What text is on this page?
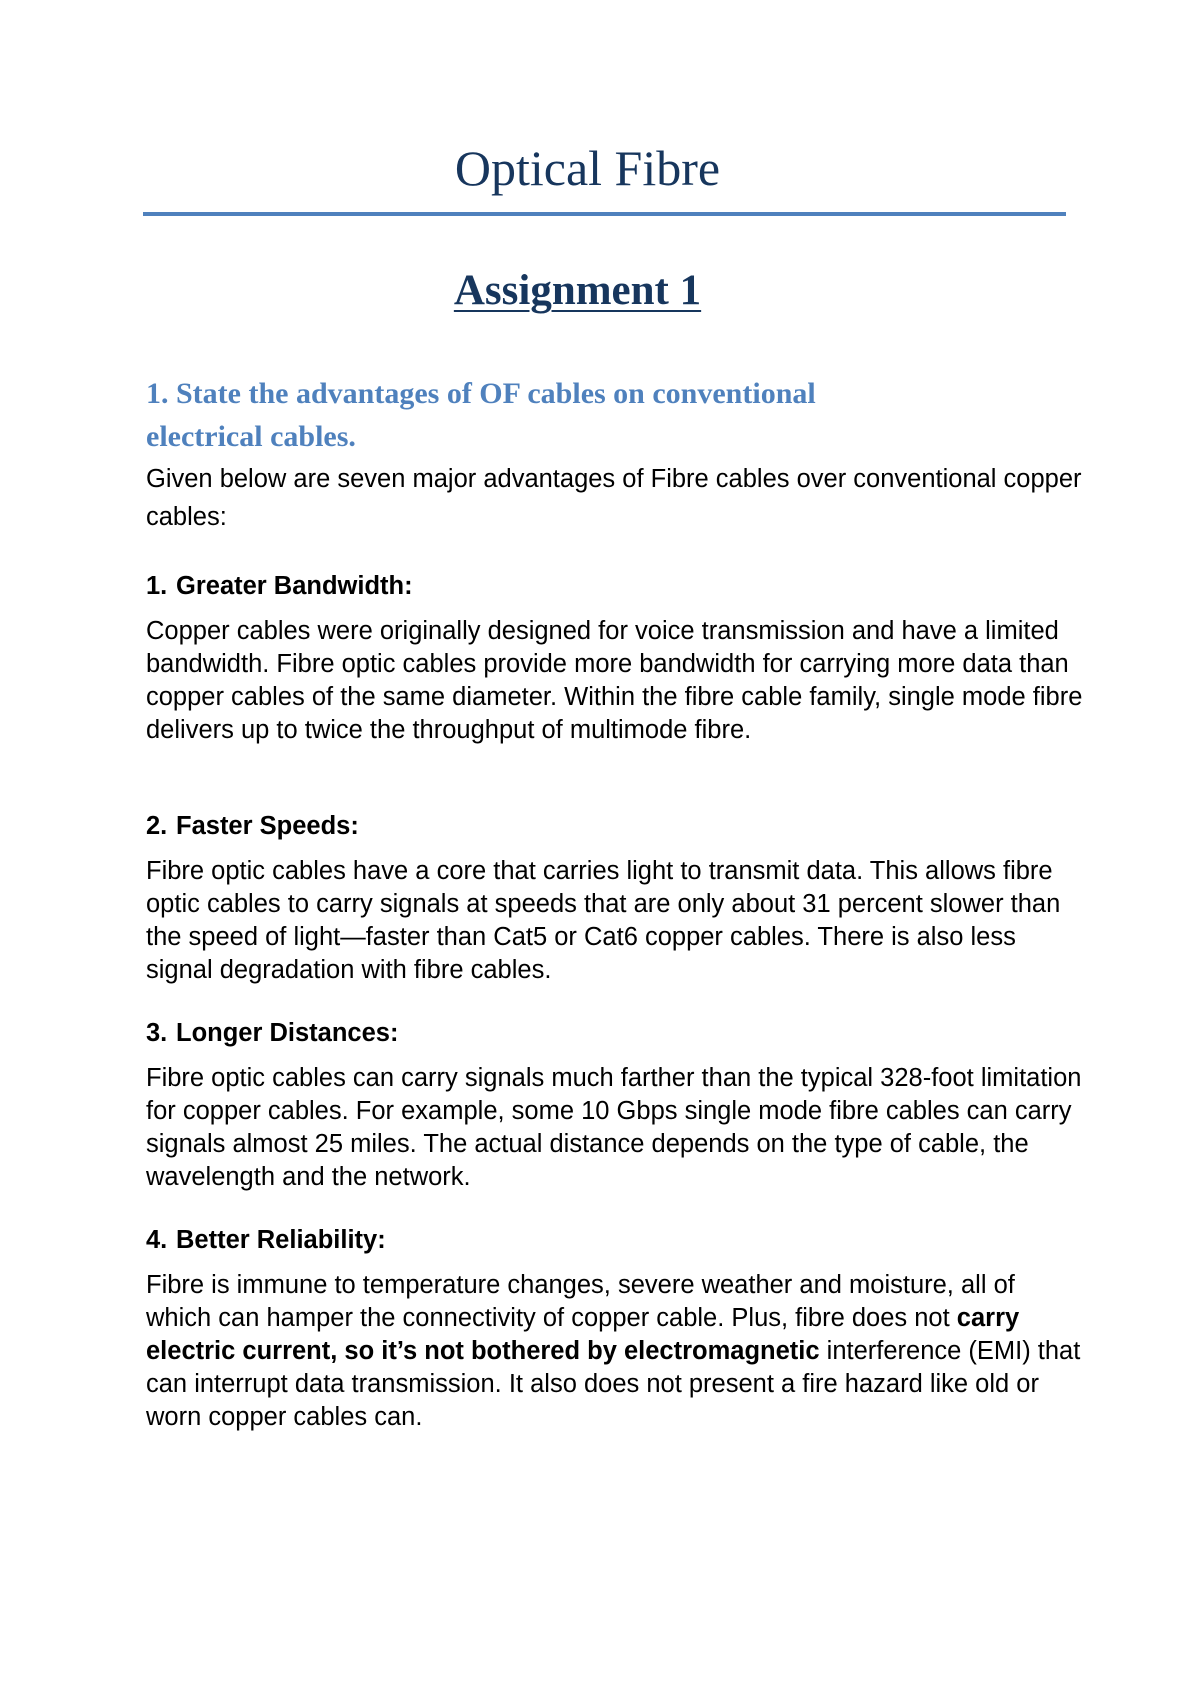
Optical Fibre
Assignment 1

1. State the advantages of OF cables on conventional electrical cables.

Given below are seven major advantages of Fibre cables over conventional copper cables:

1. Greater Bandwidth:

Copper cables were originally designed for voice transmission and have a limited bandwidth. Fibre optic cables provide more bandwidth for carrying more data than copper cables of the same diameter. Within the fibre cable family, single mode fibre delivers up to twice the throughput of multimode fibre.

2. Faster Speeds:

Fibre optic cables have a core that carries light to transmit data. This allows fibre optic cables to carry signals at speeds that are only about 31 percent slower than the speed of light—faster than Cat5 or Cat6 copper cables. There is also less signal degradation with fibre cables.

3. Longer Distances:

Fibre optic cables can carry signals much farther than the typical 328-foot limitation for copper cables. For example, some 10 Gbps single mode fibre cables can carry signals almost 25 miles. The actual distance depends on the type of cable, the wavelength and the network.

4. Better Reliability:

Fibre is immune to temperature changes, severe weather and moisture, all of which can hamper the connectivity of copper cable. Plus, fibre does not carry electric current, so it’s not bothered by electromagnetic interference (EMI) that can interrupt data transmission. It also does not present a fire hazard like old or worn copper cables can.
